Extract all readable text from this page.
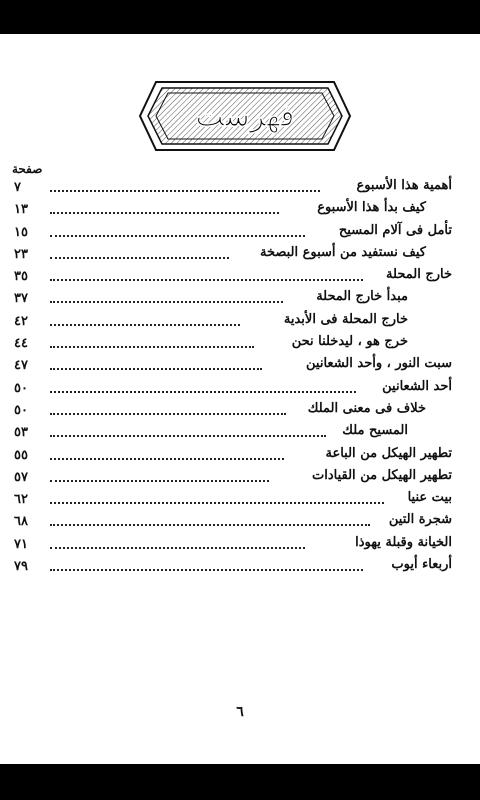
فهرست
صفحة
٧	أهمية هذا الأسبوع
١٣	كيف بدأ هذا الأسبوع
١٥	تأمل فى آلام المسيح
٢٣	كيف نستفيد من أسبوع البصخة
٣٥	خارج المحلة
٣٧	مبدأ خارج المحلة
٤٢	خارج المحلة فى الأبدية
٤٤	خرج هو ، ليدخلنا نحن
٤٧	سبت النور ، وأحد الشعانين
٥٠	أحد الشعانين
٥٠	خلاف فى معنى الملك
٥٣	المسيح ملك
٥٥	تطهير الهيكل من الباعة
٥٧	تطهير الهيكل من القيادات
٦٢	بيت عنيا
٦٨	شجرة التين
٧١	الخيانة وقبلة يهوذا
٧٩	أربعاء أيوب
٦
